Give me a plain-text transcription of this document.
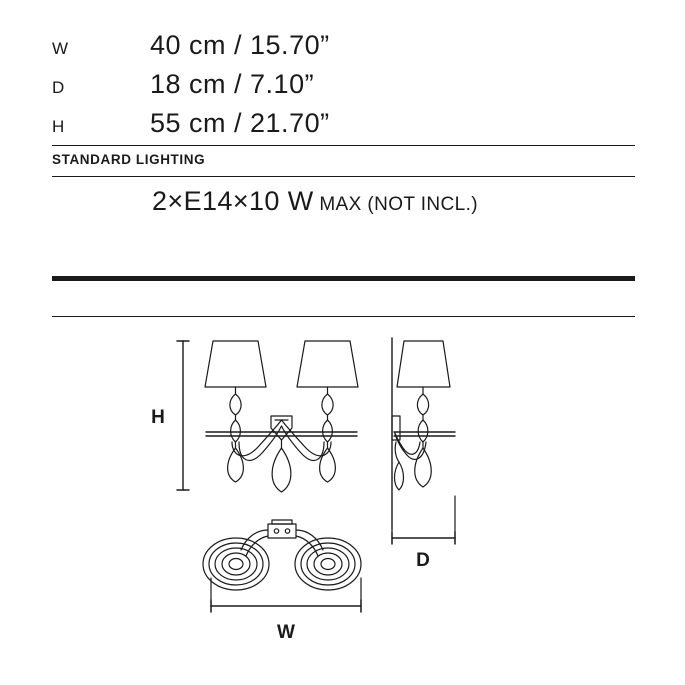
W	40 cm / 15.70”
D	18 cm / 7.10”
H	55 cm / 21.70”
STANDARD LIGHTING
2×E14×10 W MAX (NOT INCL.)
H
D
W
